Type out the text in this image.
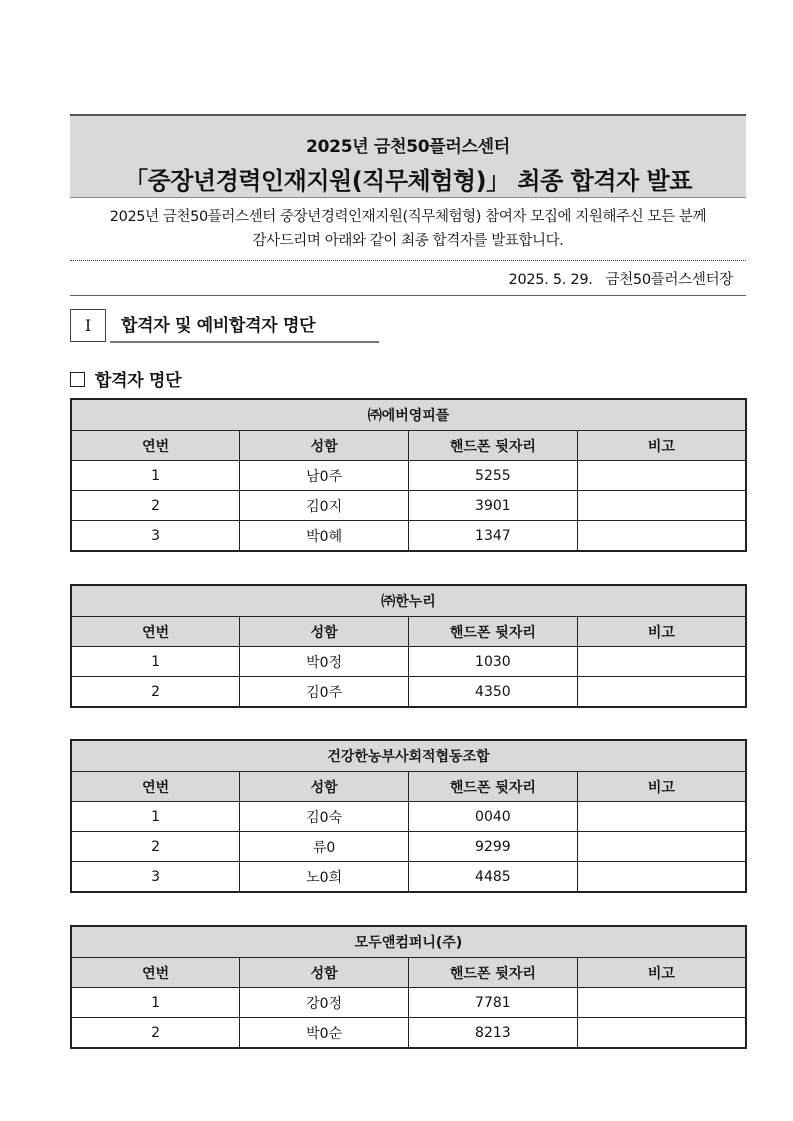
2025년 금천50플러스센터
「중장년경력인재지원(직무체험형)」 최종 합격자 발표
2025년 금천50플러스센터 중장년경력인재지원(직무체험형) 참여자 모집에 지원해주신 모든 분께
감사드리며 아래와 같이 최종 합격자를 발표합니다.
2025. 5. 29.   금천50플러스센터장
Ⅰ	합격자 및 예비합격자 명단
합격자 명단
㈜에버영피플			
연번	성함	핸드폰 뒷자리	비고
1	남0주	5255	
2	김0지	3901	
3	박0혜	1347	
㈜한누리			
연번	성함	핸드폰 뒷자리	비고
1	박0정	1030	
2	김0주	4350	
건강한농부사회적협동조합			
연번	성함	핸드폰 뒷자리	비고
1	김0숙	0040	
2	류0	9299	
3	노0희	4485	
모두앤컴퍼니(주)			
연번	성함	핸드폰 뒷자리	비고
1	강0정	7781	
2	박0순	8213	
